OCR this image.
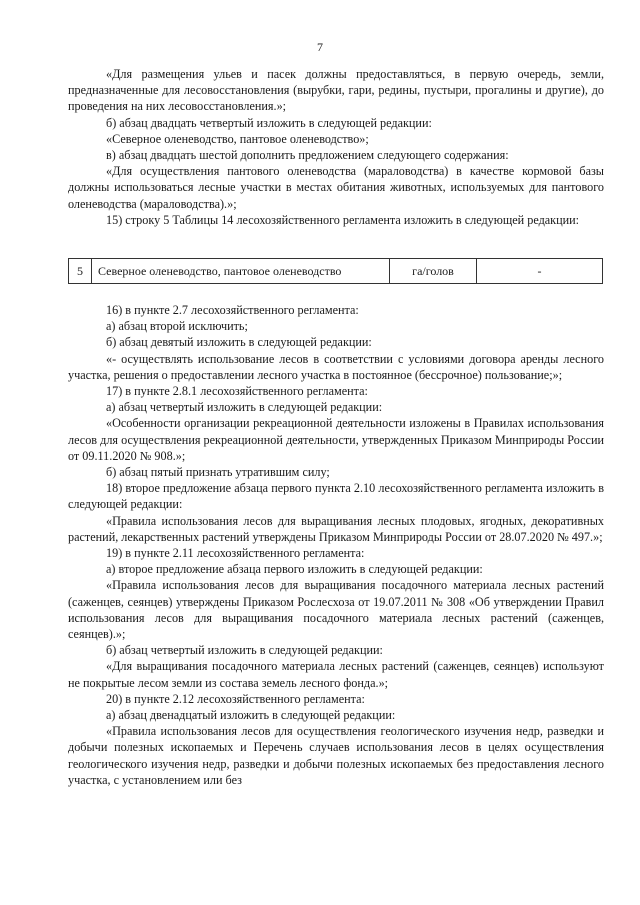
7

«Для размещения ульев и пасек должны предоставляться, в первую очередь, земли, предназначенные для лесовосстановления (вырубки, гари, редины, пустыри, прогалины и другие), до проведения на них лесовосстановления.»;

б) абзац двадцать четвертый изложить в следующей редакции:

«Северное оленеводство, пантовое оленеводство»;

в) абзац двадцать шестой дополнить предложением следующего содержания:

«Для осуществления пантового оленеводства (мараловодства) в качестве кормовой базы должны использоваться лесные участки в местах обитания животных, используемых для пантового оленеводства (мараловодства).»;

15) строку 5 Таблицы 14 лесохозяйственного регламента изложить в следующей редакции:

5	Северное оленеводство, пантовое оленеводство	га/голов	-

16) в пункте 2.7 лесохозяйственного регламента:

а) абзац второй исключить;

б) абзац девятый изложить в следующей редакции:

«- осуществлять использование лесов в соответствии с условиями договора аренды лесного участка, решения о предоставлении лесного участка в постоянное (бессрочное) пользование;»;

17) в пункте 2.8.1 лесохозяйственного регламента:

а) абзац четвертый изложить в следующей редакции:

«Особенности организации рекреационной деятельности изложены в Правилах использования лесов для осуществления рекреационной деятельности, утвержденных Приказом Минприроды России от 09.11.2020 № 908.»;

б) абзац пятый признать утратившим силу;

18) второе предложение абзаца первого пункта 2.10 лесохозяйственного регламента изложить в следующей редакции:

«Правила использования лесов для выращивания лесных плодовых, ягодных, декоративных растений, лекарственных растений утверждены Приказом Минприроды России от 28.07.2020 № 497.»;

19) в пункте 2.11 лесохозяйственного регламента:

а) второе предложение абзаца первого изложить в следующей редакции:

«Правила использования лесов для выращивания посадочного материала лесных растений (саженцев, сеянцев) утверждены Приказом Рослесхоза от 19.07.2011 № 308 «Об утверждении Правил использования лесов для выращивания посадочного материала лесных растений (саженцев, сеянцев).»;

б) абзац четвертый изложить в следующей редакции:

«Для выращивания посадочного материала лесных растений (саженцев, сеянцев) используют не покрытые лесом земли из состава земель лесного фонда.»;

20) в пункте 2.12 лесохозяйственного регламента:

а) абзац двенадцатый изложить в следующей редакции:

«Правила использования лесов для осуществления геологического изучения недр, разведки и добычи полезных ископаемых и Перечень случаев использования лесов в целях осуществления геологического изучения недр, разведки и добычи полезных ископаемых без предоставления лесного участка, с установлением или без
